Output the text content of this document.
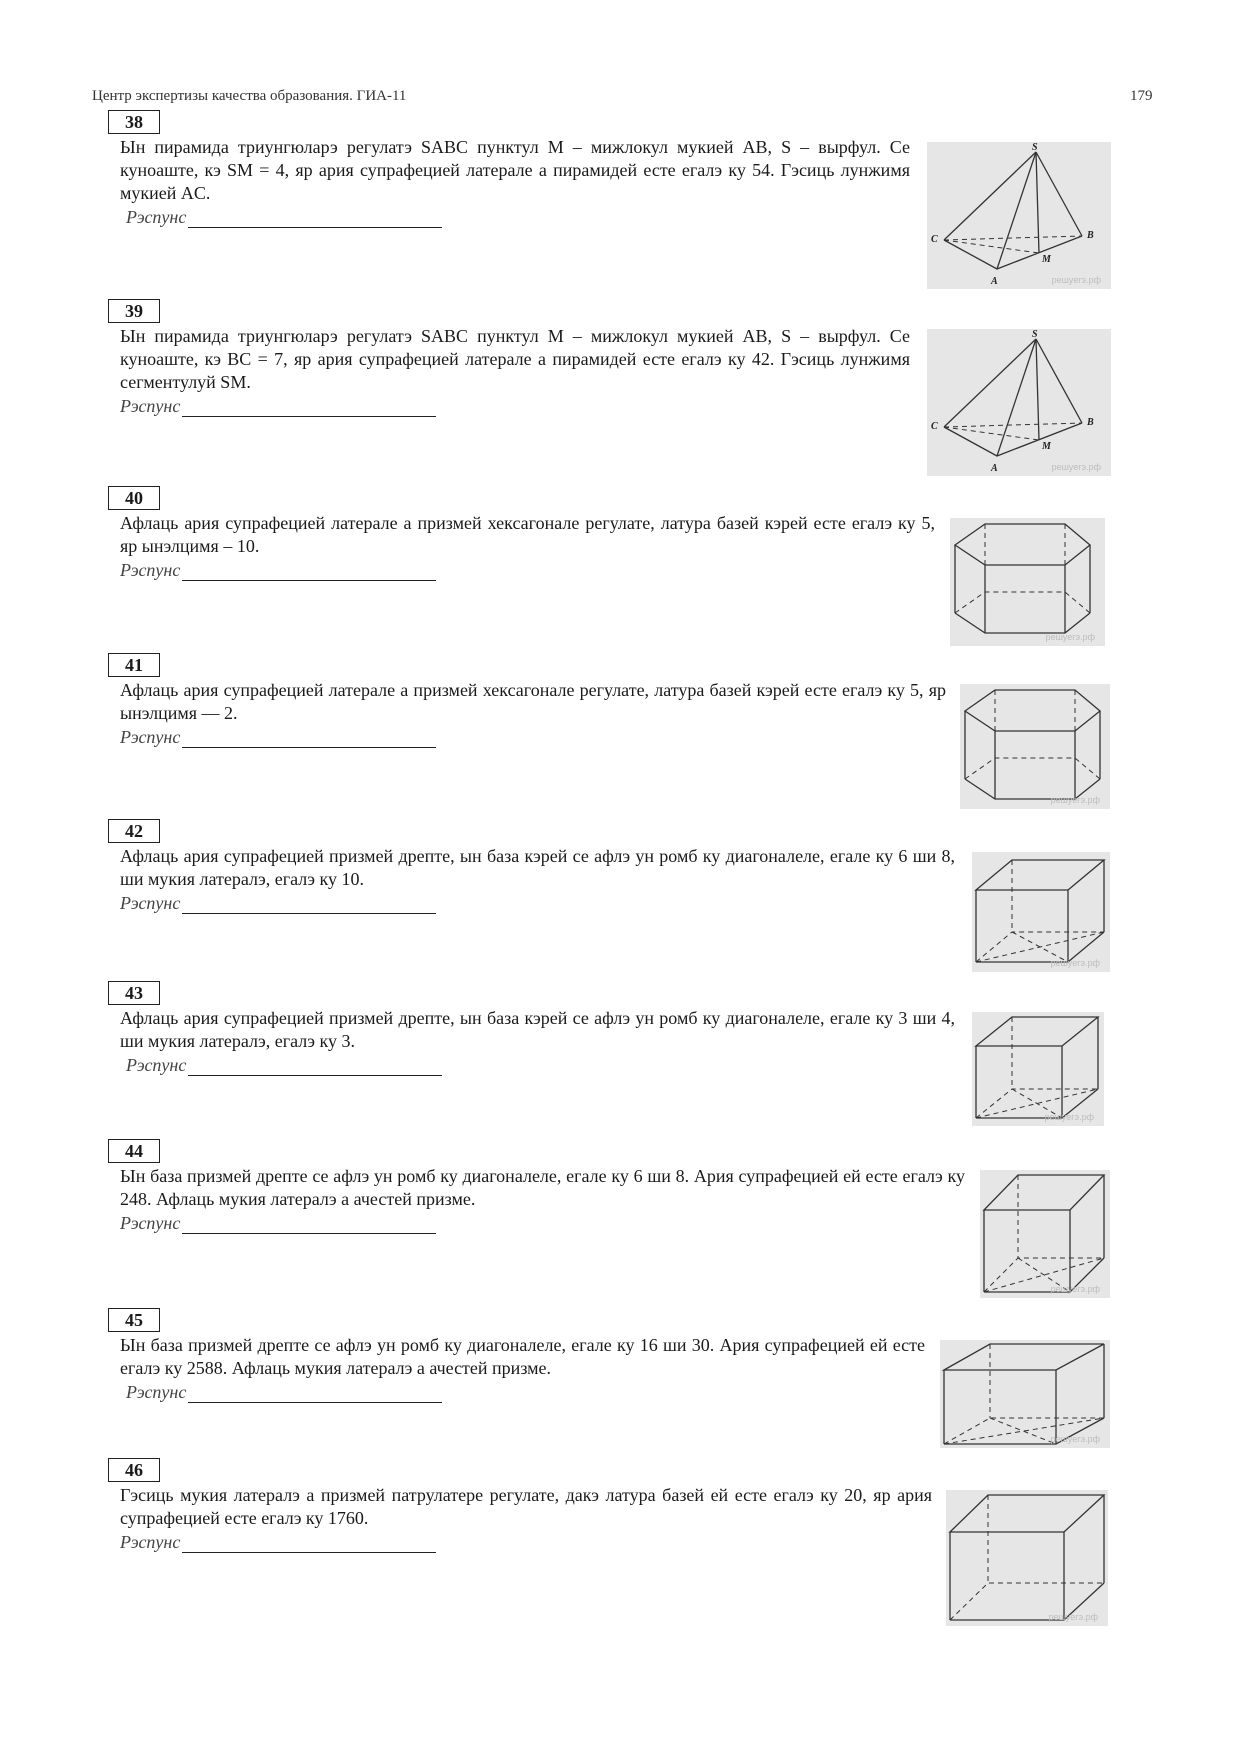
Центр экспертизы качества образования. ГИА-11	179
38
Ын пирамида триунгюларэ регулатэ SABC пунктул M – мижлокул мукией AB, S – вырфул. Се куноаште, кэ SM = 4, яр ария супрафецией латерале а пирамидей есте егалэ ку 54. Гэсиць лунжимя мукией AC.
Рэспунс
S
C	B
M
A	решуегэ.рф
39
Ын пирамида триунгюларэ регулатэ SABC пунктул M – мижлокул мукией AB, S – вырфул. Се куноаште, кэ BC = 7, яр ария супрафецией латерале а пирамидей есте егалэ ку 42. Гэсиць лунжимя сегментулуй SM.
Рэспунс
S
C	B
M
A	решуегэ.рф
40
Афлаць ария супрафецией латерале а призмей хексагонале регулате, латура базей кэрей есте егалэ ку 5, яр ынэлцимя – 10.
Рэспунс
решуегэ.рф
41
Афлаць ария супрафецией латерале а призмей хексагонале регулате, латура базей кэрей есте егалэ ку 5, яр ынэлцимя — 2.
Рэспунс
решуегэ.рф
42
Афлаць ария супрафецией призмей дрепте, ын база кэрей се афлэ ун ромб ку диагоналеле, егале ку 6 ши 8, ши мукия латералэ, егалэ ку 10.
Рэспунс
решуегэ.рф
43
Афлаць ария супрафецией призмей дрепте, ын база кэрей се афлэ ун ромб ку диагоналеле, егале ку 3 ши 4, ши мукия латералэ, егалэ ку 3.
Рэспунс
решуегэ.рф
44
Ын база призмей дрепте се афлэ ун ромб ку диагоналеле, егале ку 6 ши 8. Ария супрафецией ей есте егалэ ку 248. Афлаць мукия латералэ а ачестей призме.
Рэспунс
решуегэ.рф
45
Ын база призмей дрепте се афлэ ун ромб ку диагоналеле, егале ку 16 ши 30. Ария супрафецией ей есте егалэ ку 2588. Афлаць мукия латералэ а ачестей призме.
Рэспунс
решуегэ.рф
46
Гэсиць мукия латералэ а призмей патрулатере регулате, дакэ латура базей ей есте егалэ ку 20, яр ария супрафецией есте егалэ ку 1760.
Рэспунс
решуегэ.рф
